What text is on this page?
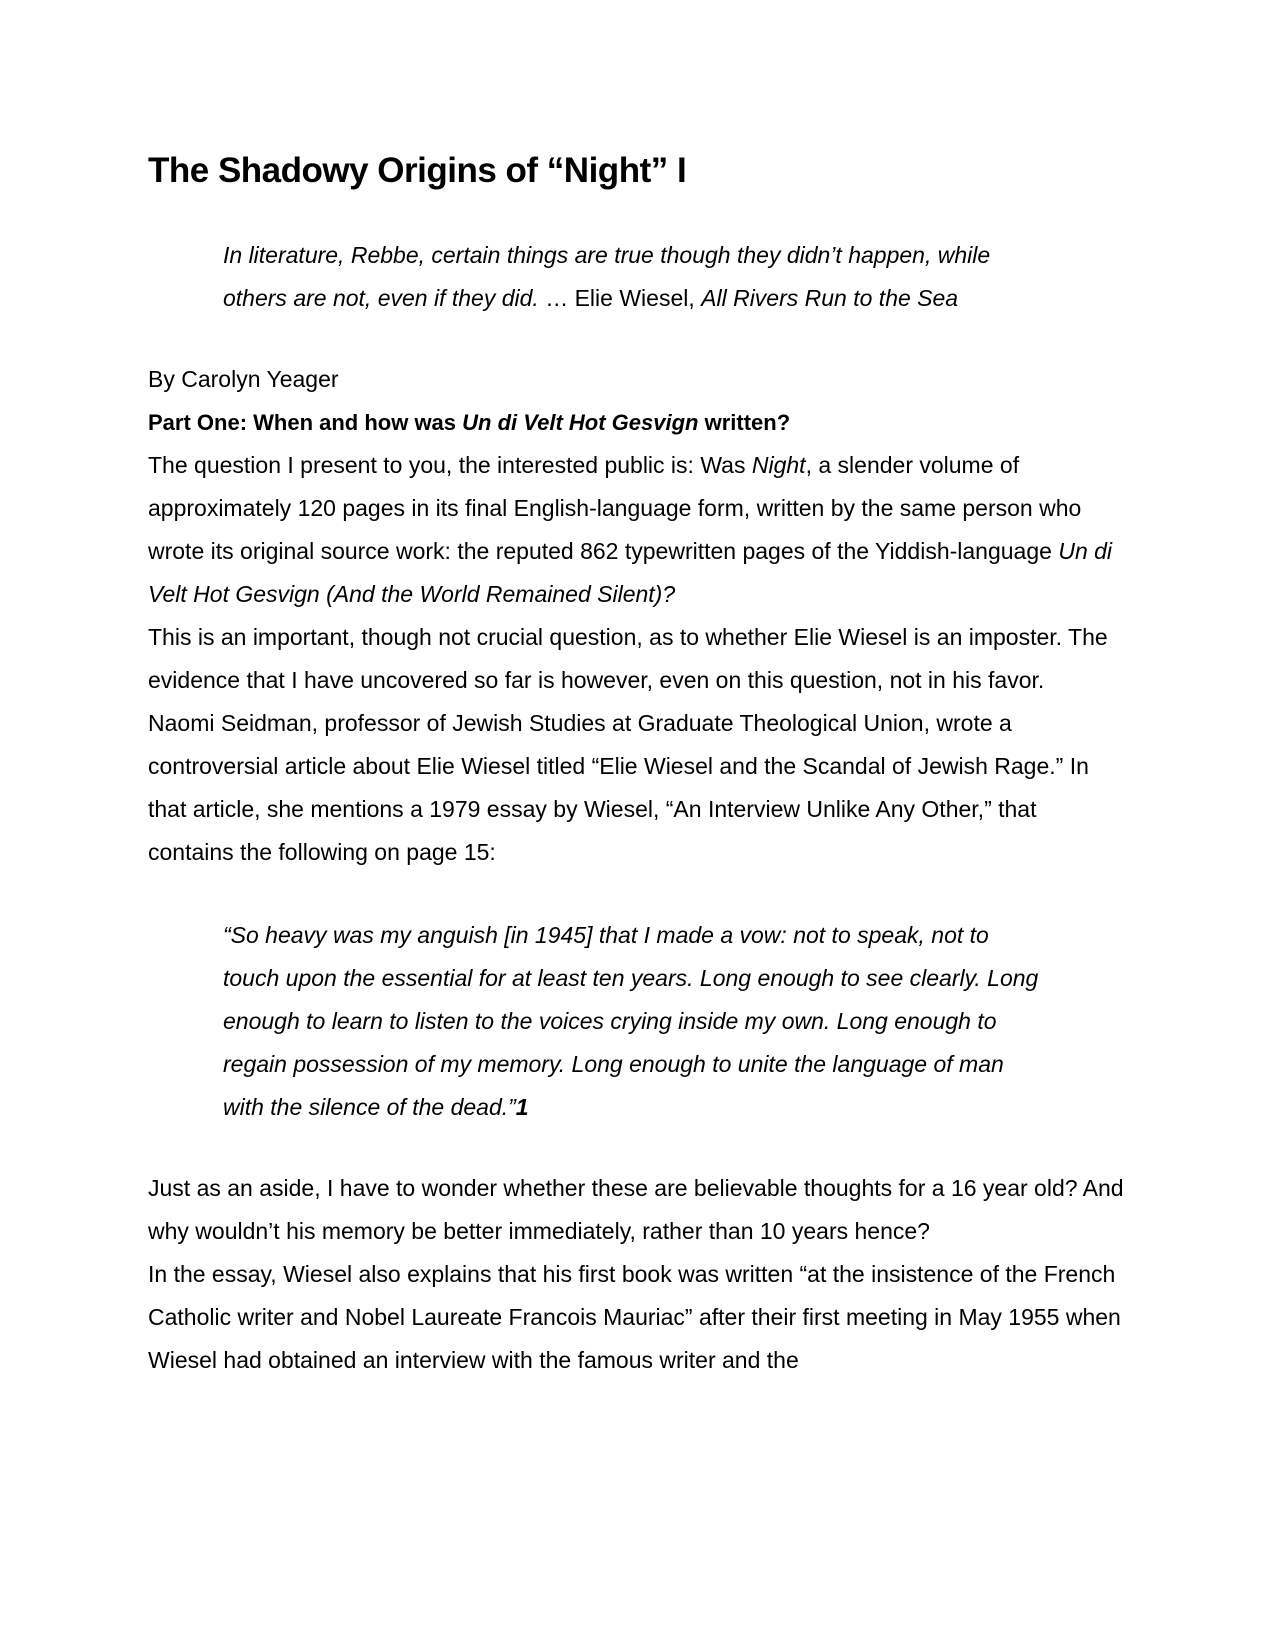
The Shadowy Origins of “Night” I
In literature, Rebbe, certain things are true though they didn’t happen, while others are not, even if they did. … Elie Wiesel, All Rivers Run to the Sea
By Carolyn Yeager
Part One: When and how was Un di Velt Hot Gesvign written?

The question I present to you, the interested public is: Was Night, a slender volume of approximately 120 pages in its final English-language form, written by the same person who wrote its original source work: the reputed 862 typewritten pages of the Yiddish-language Un di Velt Hot Gesvign (And the World Remained Silent)?

This is an important, though not crucial question, as to whether Elie Wiesel is an imposter. The evidence that I have uncovered so far is however, even on this question, not in his favor.

Naomi Seidman, professor of Jewish Studies at Graduate Theological Union, wrote a controversial article about Elie Wiesel titled “Elie Wiesel and the Scandal of Jewish Rage.” In that article, she mentions a 1979 essay by Wiesel, “An Interview Unlike Any Other,” that contains the following on page 15:

“So heavy was my anguish [in 1945] that I made a vow: not to speak, not to touch upon the essential for at least ten years. Long enough to see clearly. Long enough to learn to listen to the voices crying inside my own. Long enough to regain possession of my memory. Long enough to unite the language of man with the silence of the dead.”1

Just as an aside, I have to wonder whether these are believable thoughts for a 16 year old? And why wouldn’t his memory be better immediately, rather than 10 years hence?

In the essay, Wiesel also explains that his first book was written “at the insistence of the French Catholic writer and Nobel Laureate Francois Mauriac” after their first meeting in May 1955 when Wiesel had obtained an interview with the famous writer and the
